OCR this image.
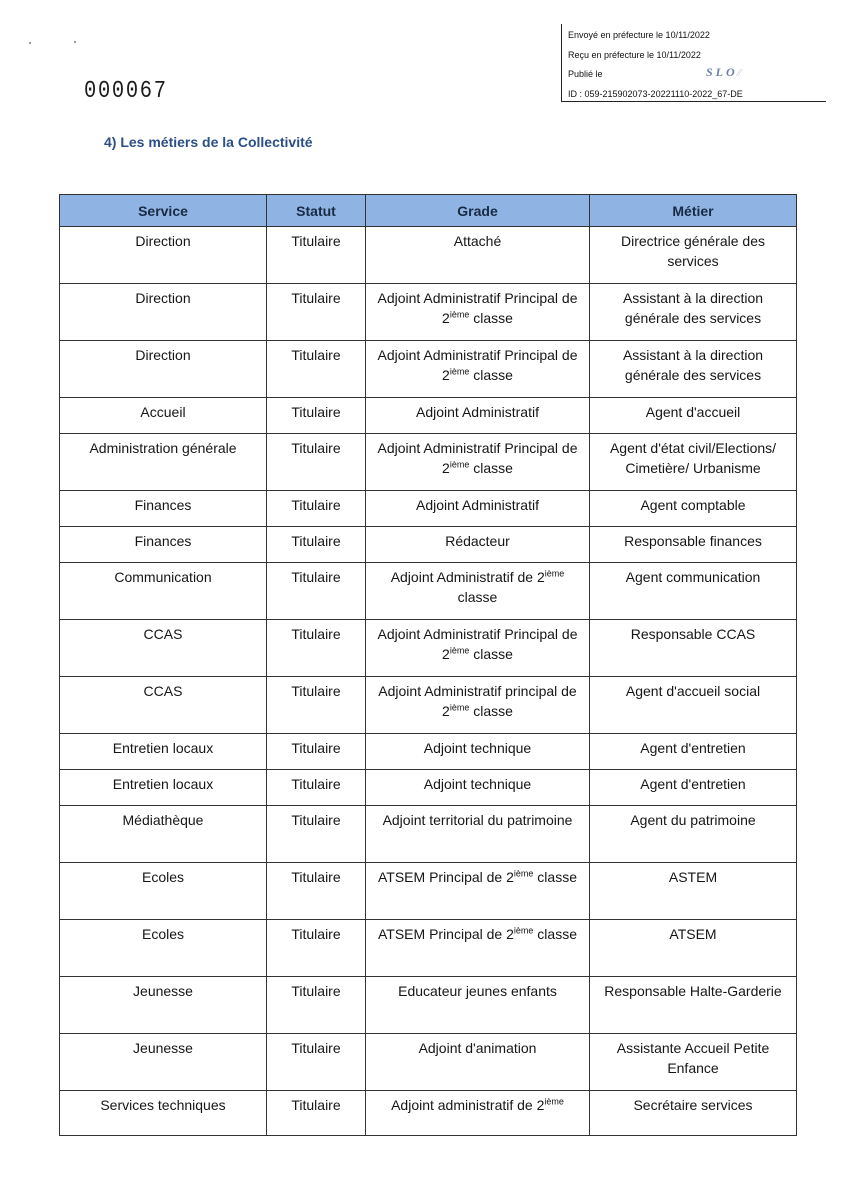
Envoyé en préfecture le 10/11/2022
Reçu en préfecture le 10/11/2022
Publié le	SLO⁄⁄
ID : 059-215902073-20221110-2022_67-DE
000067
4) Les métiers de la Collectivité
Service	Statut	Grade	Métier
Direction	Titulaire	Attaché	Directrice générale des services
Direction	Titulaire	Adjoint Administratif Principal de 2ième classe	Assistant à la direction générale des services
Direction	Titulaire	Adjoint Administratif Principal de 2ième classe	Assistant à la direction générale des services
Accueil	Titulaire	Adjoint Administratif	Agent d'accueil
Administration générale	Titulaire	Adjoint Administratif Principal de 2ième classe	Agent d'état civil/Elections/ Cimetière/ Urbanisme
Finances	Titulaire	Adjoint Administratif	Agent comptable
Finances	Titulaire	Rédacteur	Responsable finances
Communication	Titulaire	Adjoint Administratif de 2ième classe	Agent communication
CCAS	Titulaire	Adjoint Administratif Principal de 2ième classe	Responsable CCAS
CCAS	Titulaire	Adjoint Administratif principal de 2ième classe	Agent d'accueil social
Entretien locaux	Titulaire	Adjoint technique	Agent d'entretien
Entretien locaux	Titulaire	Adjoint technique	Agent d'entretien
Médiathèque	Titulaire	Adjoint territorial du patrimoine	Agent du patrimoine
Ecoles	Titulaire	ATSEM Principal de 2ième classe	ASTEM
Ecoles	Titulaire	ATSEM Principal de 2ième classe	ATSEM
Jeunesse	Titulaire	Educateur jeunes enfants	Responsable Halte-Garderie
Jeunesse	Titulaire	Adjoint d'animation	Assistante Accueil Petite Enfance
Services techniques	Titulaire	Adjoint administratif de 2ième	Secrétaire services
